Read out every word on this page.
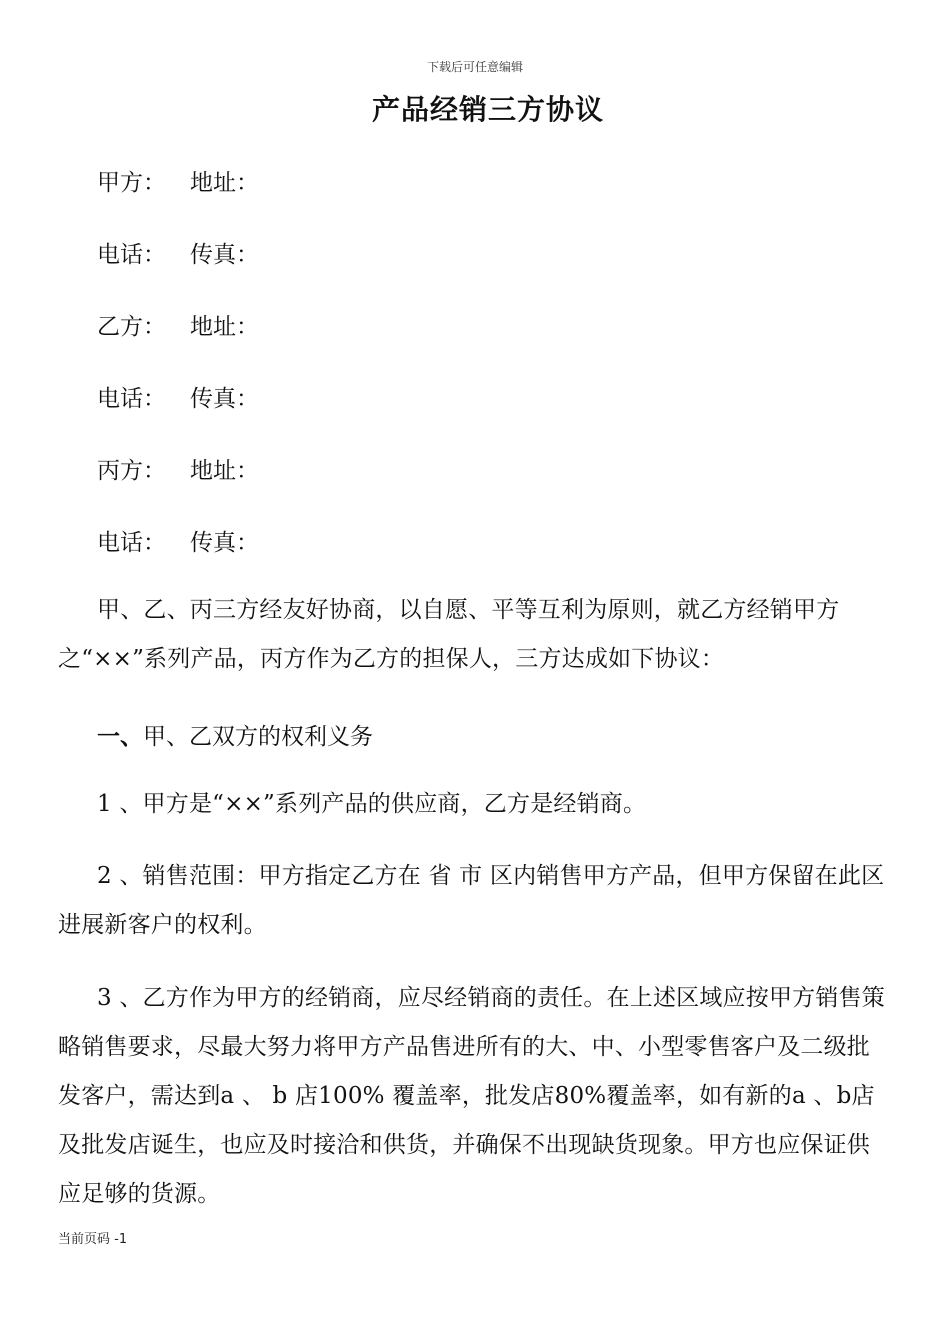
下载后可任意编辑
产品经销三方协议
甲方： 地址：
电话： 传真：
乙方： 地址：
电话： 传真：
丙方： 地址：
电话： 传真：
甲、乙、丙三方经友好协商，以自愿、平等互利为原则，就乙方经销甲方之“××”系列产品，丙方作为乙方的担保人，三方达成如下协议：
一、甲、乙双方的权利义务
1 、甲方是“××”系列产品的供应商，乙方是经销商。
2 、销售范围：甲方指定乙方在 省 市 区内销售甲方产品，但甲方保留在此区进展新客户的权利。
3 、乙方作为甲方的经销商，应尽经销商的责任。在上述区域应按甲方销售策略销售要求，尽最大努力将甲方产品售进所有的大、中、小型零售客户及二级批发客户，需达到a 、 b 店100% 覆盖率，批发店80%覆盖率，如有新的a 、b店及批发店诞生，也应及时接洽和供货，并确保不出现缺货现象。甲方也应保证供应足够的货源。
当前页码 -1
